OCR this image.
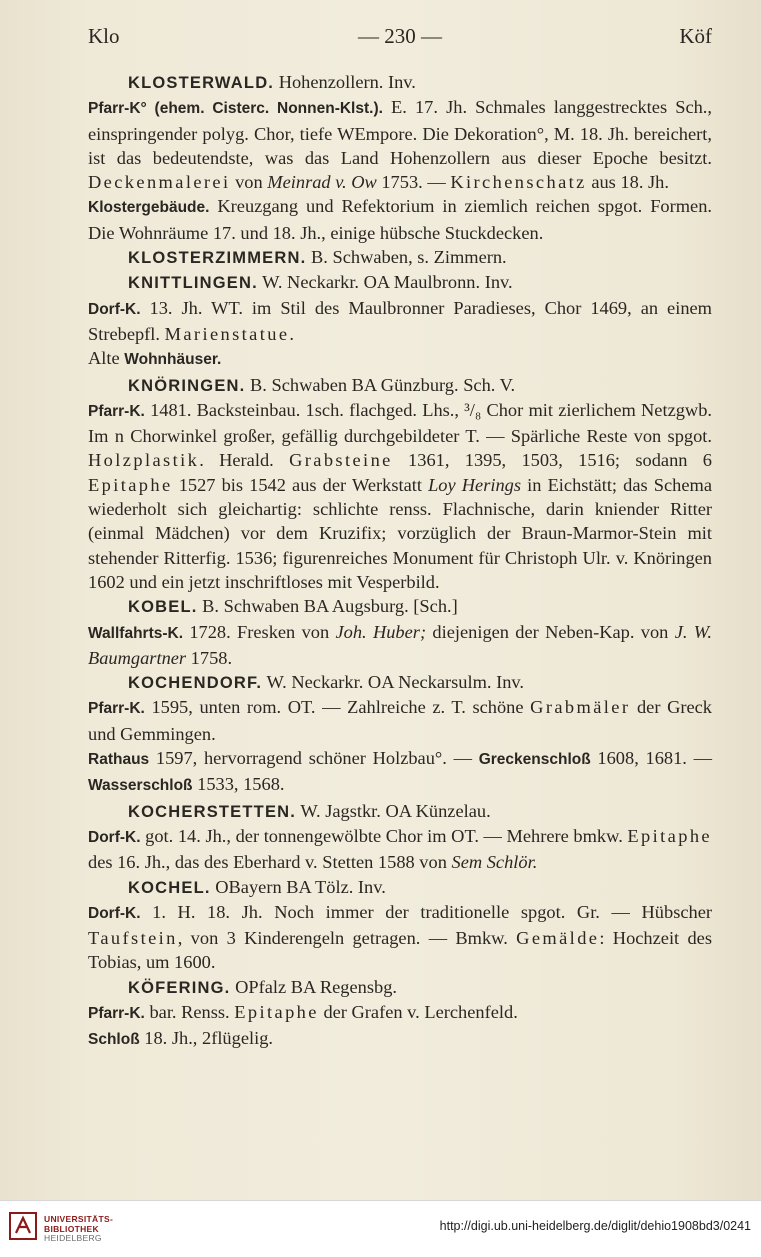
Klo	— 230 —	Köf

KLOSTERWALD. Hohenzollern. Inv.
Pfarr-K° (ehem. Cisterc. Nonnen-Klst.). E. 17. Jh. Schmales langgestrecktes Sch., einspringender polyg. Chor, tiefe WEmpore. Die Dekoration°, M. 18. Jh. bereichert, ist das bedeutendste, was das Land Hohenzollern aus dieser Epoche besitzt. Deckenmalerei von Meinrad v. Ow 1753. — Kirchenschatz aus 18. Jh.
Klostergebäude. Kreuzgang und Refektorium in ziemlich reichen spgot. Formen. Die Wohnräume 17. und 18. Jh., einige hübsche Stuckdecken.

KLOSTERZIMMERN. B. Schwaben, s. Zimmern.

KNITTLINGEN. W. Neckarkr. OA Maulbronn. Inv.
Dorf-K. 13. Jh. WT. im Stil des Maulbronner Paradieses, Chor 1469, an einem Strebepfl. Marienstatue.
Alte Wohnhäuser.

KNÖRINGEN. B. Schwaben BA Günzburg. Sch. V.
Pfarr-K. 1481. Backsteinbau. 1sch. flachged. Lhs., ³/₈ Chor mit zierlichem Netzgwb. Im n Chorwinkel großer, gefällig durchgebildeter T. — Spärliche Reste von spgot. Holzplastik. Herald. Grabsteine 1361, 1395, 1503, 1516; sodann 6 Epitaphe 1527 bis 1542 aus der Werkstatt Loy Herings in Eichstätt; das Schema wiederholt sich gleichartig: schlichte renss. Flachnische, darin kniender Ritter (einmal Mädchen) vor dem Kruzifix; vorzüglich der Braun-Marmor-Stein mit stehender Ritterfig. 1536; figurenreiches Monument für Christoph Ulr. v. Knöringen 1602 und ein jetzt inschriftloses mit Vesperbild.

KOBEL. B. Schwaben BA Augsburg. [Sch.]
Wallfahrts-K. 1728. Fresken von Joh. Huber; diejenigen der Neben-Kap. von J. W. Baumgartner 1758.

KOCHENDORF. W. Neckarkr. OA Neckarsulm. Inv.
Pfarr-K. 1595, unten rom. OT. — Zahlreiche z. T. schöne Grabmäler der Greck und Gemmingen.
Rathaus 1597, hervorragend schöner Holzbau°. — Greckenschloß 1608, 1681. — Wasserschloß 1533, 1568.

KOCHERSTETTEN. W. Jagstkr. OA Künzelau.
Dorf-K. got. 14. Jh., der tonnengewölbte Chor im OT. — Mehrere bmkw. Epitaphe des 16. Jh., das des Eberhard v. Stetten 1588 von Sem Schlör.

KOCHEL. OBayern BA Tölz. Inv.
Dorf-K. 1. H. 18. Jh. Noch immer der traditionelle spgot. Gr. — Hübscher Taufstein, von 3 Kinderengeln getragen. — Bmkw. Gemälde: Hochzeit des Tobias, um 1600.

KÖFERING. OPfalz BA Regensbg.
Pfarr-K. bar. Renss. Epitaphe der Grafen v. Lerchenfeld.
Schloß 18. Jh., 2flügelig.

UNIVERSITÄTS-
BIBLIOTHEK
HEIDELBERG
http://digi.ub.uni-heidelberg.de/diglit/dehio1908bd3/0241
